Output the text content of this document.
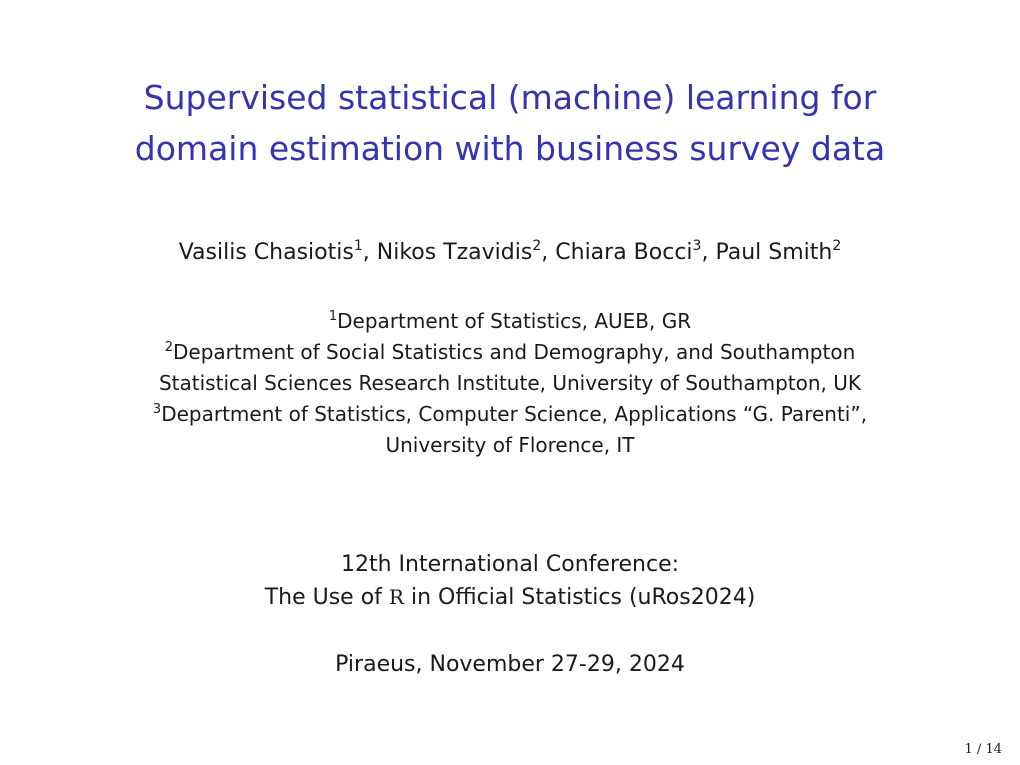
Supervised statistical (machine) learning for
domain estimation with business survey data
Vasilis Chasiotis$^1$, Nikos Tzavidis$^2$, Chiara Bocci$^3$, Paul Smith$^2$
$^1$Department of Statistics, AUEB, GR
$^2$Department of Social Statistics and Demography, and Southampton
Statistical Sciences Research Institute, University of Southampton, UK
$^3$Department of Statistics, Computer Science, Applications “G. Parenti”,
University of Florence, IT
12th International Conference:
The Use of R in Official Statistics (uRos2024)
Piraeus, November 27-29, 2024
1 / 14
